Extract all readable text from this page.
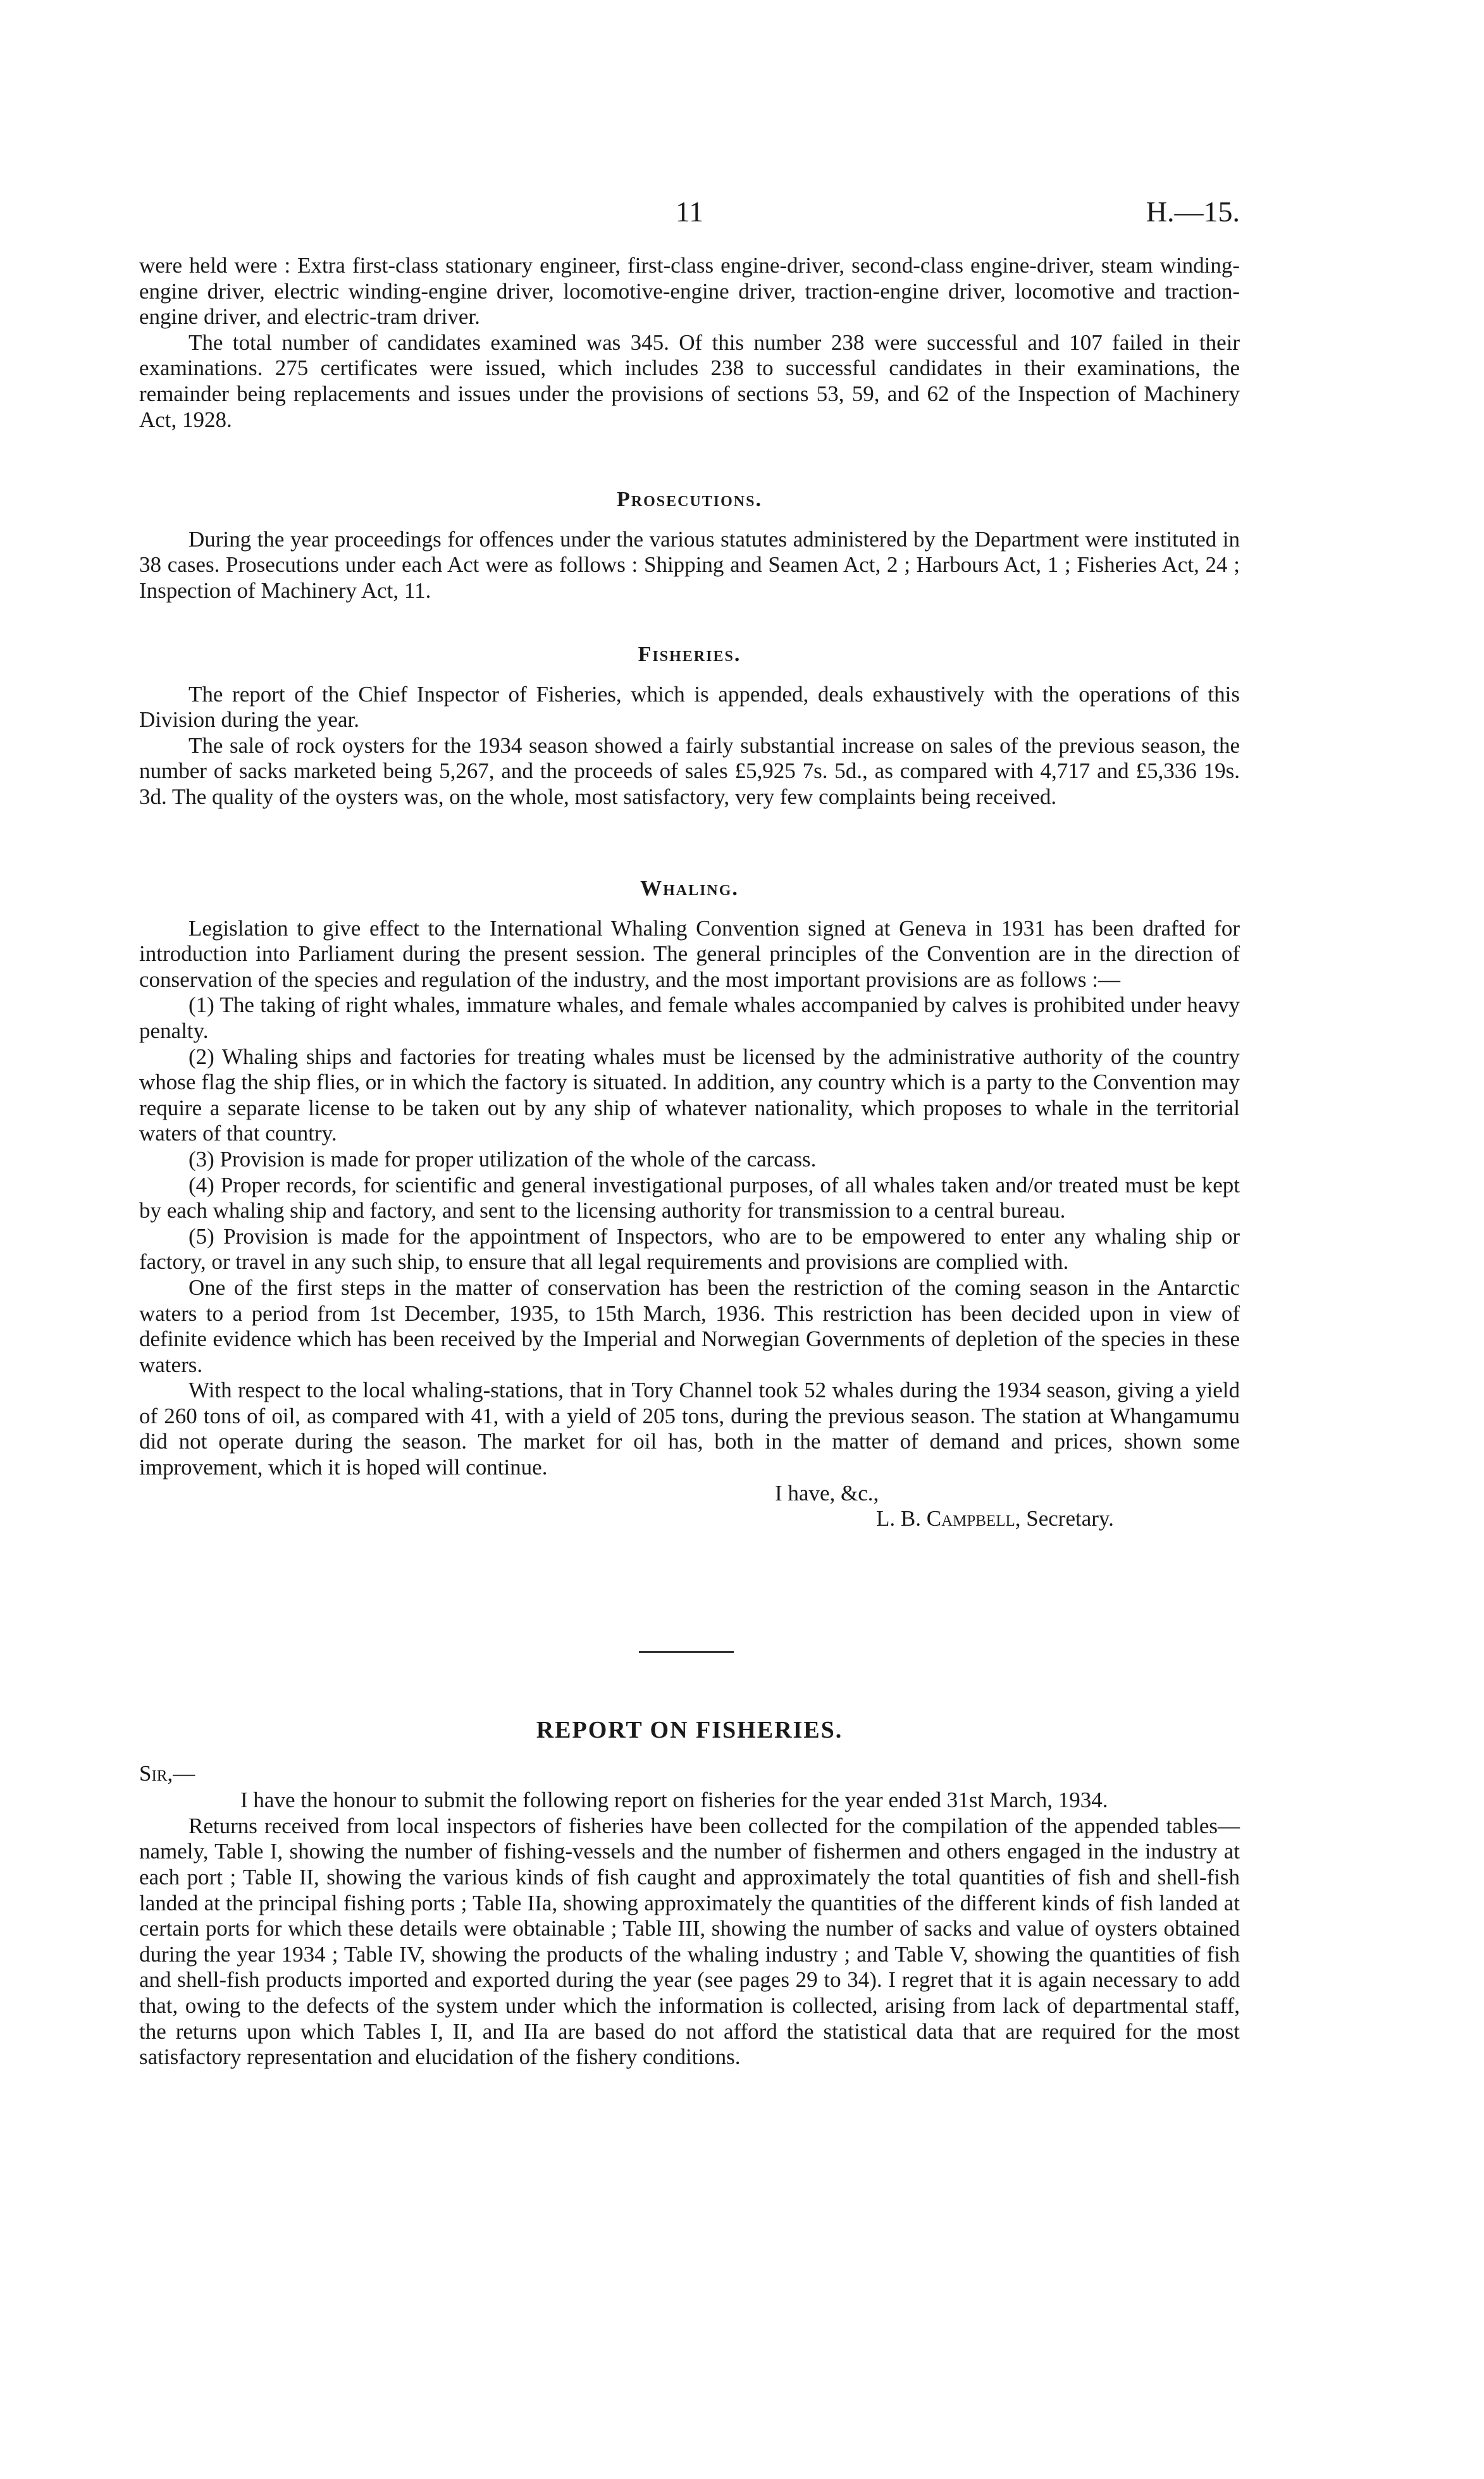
11	H.—15.

were held were : Extra first-class stationary engineer, first-class engine-driver, second-class engine-driver, steam winding-engine driver, electric winding-engine driver, locomotive-engine driver, traction-engine driver, locomotive and traction-engine driver, and electric-tram driver.

The total number of candidates examined was 345. Of this number 238 were successful and 107 failed in their examinations. 275 certificates were issued, which includes 238 to successful candidates in their examinations, the remainder being replacements and issues under the provisions of sections 53, 59, and 62 of the Inspection of Machinery Act, 1928.

Prosecutions.

During the year proceedings for offences under the various statutes administered by the Department were instituted in 38 cases. Prosecutions under each Act were as follows : Shipping and Seamen Act, 2 ; Harbours Act, 1 ; Fisheries Act, 24 ; Inspection of Machinery Act, 11.

Fisheries.

The report of the Chief Inspector of Fisheries, which is appended, deals exhaustively with the operations of this Division during the year.

The sale of rock oysters for the 1934 season showed a fairly substantial increase on sales of the previous season, the number of sacks marketed being 5,267, and the proceeds of sales £5,925 7s. 5d., as compared with 4,717 and £5,336 19s. 3d. The quality of the oysters was, on the whole, most satisfactory, very few complaints being received.

Whaling.

Legislation to give effect to the International Whaling Convention signed at Geneva in 1931 has been drafted for introduction into Parliament during the present session. The general principles of the Convention are in the direction of conservation of the species and regulation of the industry, and the most important provisions are as follows :—

(1) The taking of right whales, immature whales, and female whales accompanied by calves is prohibited under heavy penalty.

(2) Whaling ships and factories for treating whales must be licensed by the administrative authority of the country whose flag the ship flies, or in which the factory is situated. In addition, any country which is a party to the Convention may require a separate license to be taken out by any ship of whatever nationality, which proposes to whale in the territorial waters of that country.

(3) Provision is made for proper utilization of the whole of the carcass.

(4) Proper records, for scientific and general investigational purposes, of all whales taken and/or treated must be kept by each whaling ship and factory, and sent to the licensing authority for transmission to a central bureau.

(5) Provision is made for the appointment of Inspectors, who are to be empowered to enter any whaling ship or factory, or travel in any such ship, to ensure that all legal requirements and provisions are complied with.

One of the first steps in the matter of conservation has been the restriction of the coming season in the Antarctic waters to a period from 1st December, 1935, to 15th March, 1936. This restriction has been decided upon in view of definite evidence which has been received by the Imperial and Norwegian Governments of depletion of the species in these waters.

With respect to the local whaling-stations, that in Tory Channel took 52 whales during the 1934 season, giving a yield of 260 tons of oil, as compared with 41, with a yield of 205 tons, during the previous season. The station at Whangamumu did not operate during the season. The market for oil has, both in the matter of demand and prices, shown some improvement, which it is hoped will continue.

I have, &c.,

L. B. Campbell, Secretary.

REPORT ON FISHERIES.

Sir,—

I have the honour to submit the following report on fisheries for the year ended 31st March, 1934.

Returns received from local inspectors of fisheries have been collected for the compilation of the appended tables—namely, Table I, showing the number of fishing-vessels and the number of fishermen and others engaged in the industry at each port ; Table II, showing the various kinds of fish caught and approximately the total quantities of fish and shell-fish landed at the principal fishing ports ; Table IIa, showing approximately the quantities of the different kinds of fish landed at certain ports for which these details were obtainable ; Table III, showing the number of sacks and value of oysters obtained during the year 1934 ; Table IV, showing the products of the whaling industry ; and Table V, showing the quantities of fish and shell-fish products imported and exported during the year (see pages 29 to 34). I regret that it is again necessary to add that, owing to the defects of the system under which the information is collected, arising from lack of departmental staff, the returns upon which Tables I, II, and IIa are based do not afford the statistical data that are required for the most satisfactory representation and elucidation of the fishery conditions.
